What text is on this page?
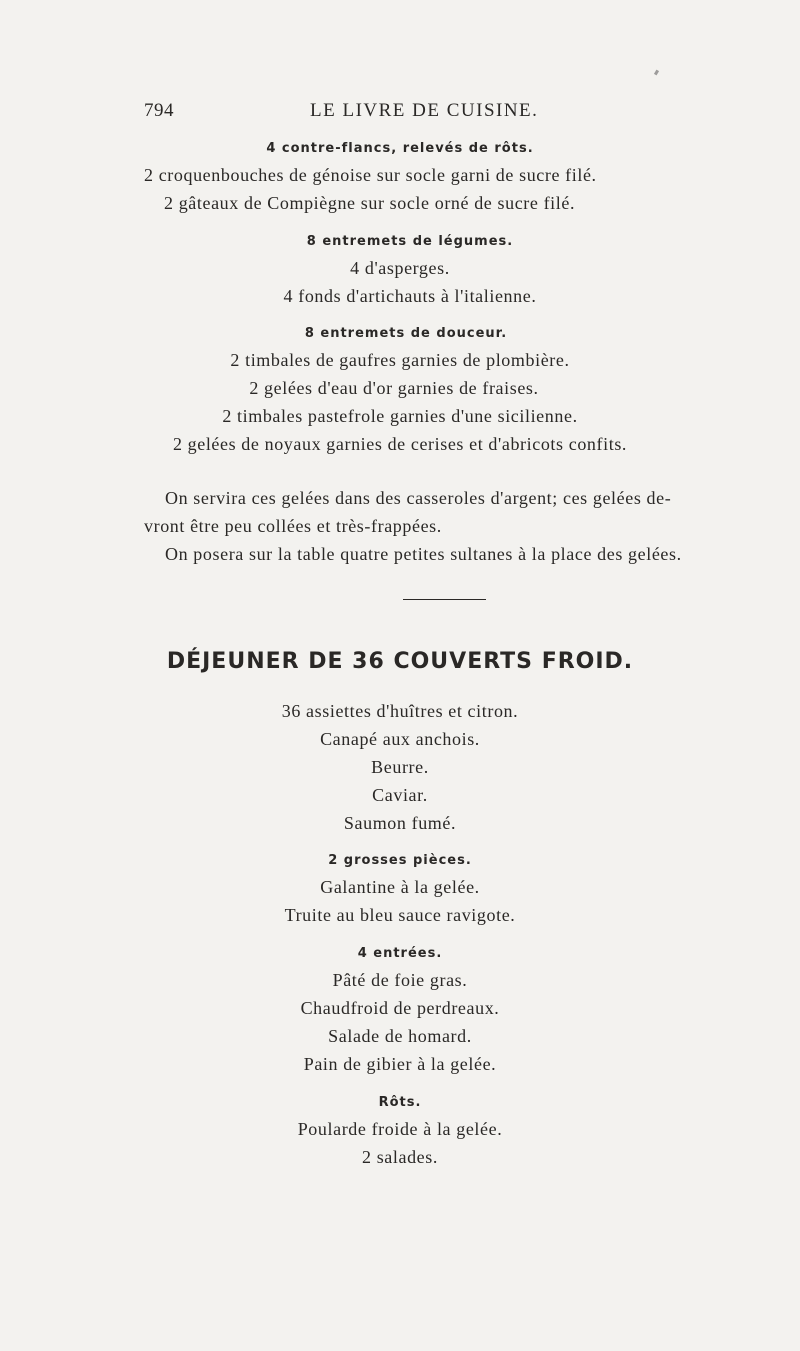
794	LE LIVRE DE CUISINE.
4 contre-flancs, relevés de rôts.
2 croquenbouches de génoise sur socle garni de sucre filé.
2 gâteaux de Compiègne sur socle orné de sucre filé.
8 entremets de légumes.
4 d'asperges.
4 fonds d'artichauts à l'italienne.
8 entremets de douceur.
2 timbales de gaufres garnies de plombière.
2 gelées d'eau d'or garnies de fraises.
2 timbales pastefrole garnies d'une sicilienne.
2 gelées de noyaux garnies de cerises et d'abricots confits.
On servira ces gelées dans des casseroles d'argent; ces gelées de-
vront être peu collées et très-frappées.
On posera sur la table quatre petites sultanes à la place des gelées.
DÉJEUNER DE 36 COUVERTS FROID.
36 assiettes d'huîtres et citron.
Canapé aux anchois.
Beurre.
Caviar.
Saumon fumé.
2 grosses pièces.
Galantine à la gelée.
Truite au bleu sauce ravigote.
4 entrées.
Pâté de foie gras.
Chaudfroid de perdreaux.
Salade de homard.
Pain de gibier à la gelée.
Rôts.
Poularde froide à la gelée.
2 salades.
